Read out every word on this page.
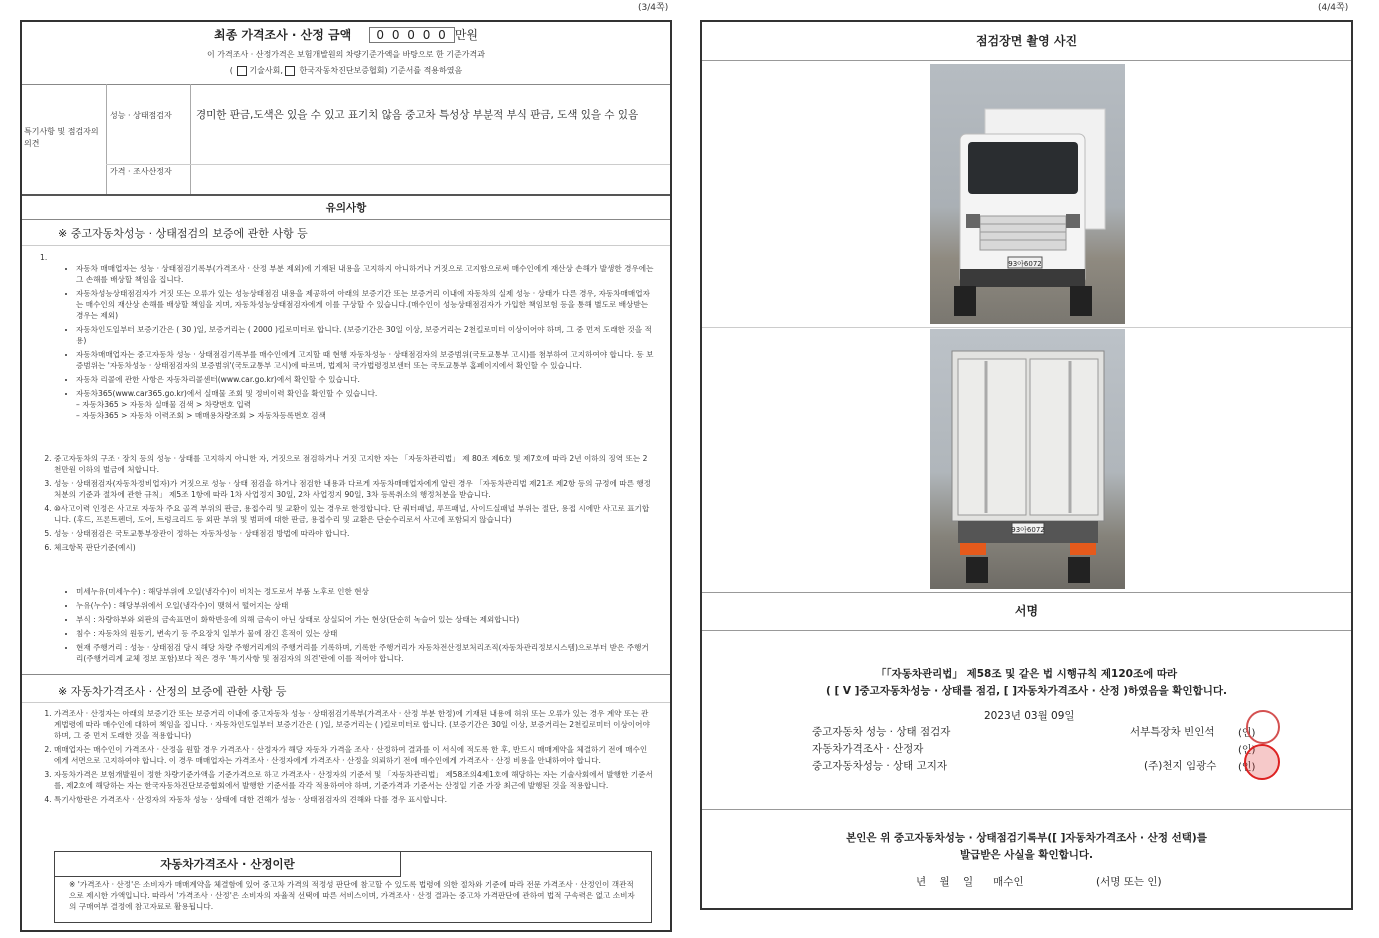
(3/4쪽)	(4/4쪽)
최종 가격조사 · 산정 금액 0 0 0 0 0 만원
이 가격조사 · 산정가격은 보험개발원의 차량기준가액을 바탕으로 한 기준가격과
( 기술사회, 한국자동차진단보증협회) 기준서를 적용하였음
특기사항 및 점검자의 의견
성능 · 상태점검자	경미한 판금,도색은 있을 수 있고 표기치 않음 중고차 특성상 부분적 부식 판금, 도색 있을 수 있음
가격 · 조사산정자
유의사항
※ 중고자동차성능 · 상태점검의 보증에 관한 사항 등
1.
• 자동차 매매업자는 성능 · 상태점검기록부(가격조사 · 산정 부분 제외)에 기재된 내용을 고지하지 아니하거나 거짓으로 고지함으로써 매수인에게 재산상 손해가 발생한 경우에는 그 손해를 배상할 책임을 집니다.
• 자동차성능상태점검자가 거짓 또는 오류가 있는 성능상태점검 내용을 제공하여 아래의 보증기간 또는 보증거리 이내에 자동차의 실제 성능 · 상태가 다른 경우, 자동차매매업자는 매수인의 재산상 손해를 배상할 책임을 지며, 자동차성능상태점검자에게 이를 구상할 수 있습니다.(매수인이 성능상태점검자가 가입한 책임보험 등을 통해 별도로 배상받는 경우는 제외)
• 자동차인도일부터 보증기간은 ( 30 )일, 보증거리는 ( 2000 )킬로미터로 합니다. (보증기간은 30일 이상, 보증거리는 2천킬로미터 이상이어야 하며, 그 중 먼저 도래한 것을 적용)
• 자동차매매업자는 중고자동차 성능 · 상태점검기록부를 매수인에게 고지할 때 현행 자동차성능 · 상태점검자의 보증범위(국토교통부 고시)를 첨부하여 고지하여야 합니다. 동 보증범위는 '자동차성능 · 상태점검자의 보증범위'(국토교통부 고시)에 따르며, 법제처 국가법령정보센터 또는 국토교통부 홈페이지에서 확인할 수 있습니다.
• 자동차 리콜에 관한 사항은 자동차리콜센터(www.car.go.kr)에서 확인할 수 있습니다.
• 자동차365(www.car365.go.kr)에서 실매물 조회 및 정비이력 확인을 확인할 수 있습니다.
– 자동차365 > 자동차 실매물 검색 > 차량번호 입력
– 자동차365 > 자동차 이력조회 > 매매용차량조회 > 자동차등록번호 검색
2. 중고자동차의 구조 · 장치 등의 성능 · 상태를 고지하지 아니한 자, 거짓으로 점검하거나 거짓 고지한 자는 「자동차관리법」 제 80조 제6호 및 제7호에 따라 2년 이하의 징역 또는 2천만원 이하의 벌금에 처합니다.
3. 성능 · 상태점검자(자동차정비업자)가 거짓으로 성능 · 상태 점검을 하거나 점검한 내용과 다르게 자동차매매업자에게 알린 경우 「자동차관리법 제21조 제2항 등의 규정에 따른 행정처분의 기준과 절차에 관한 규칙」 제5조 1항에 따라 1차 사업정지 30일, 2차 사업정지 90일, 3차 등록취소의 행정처분을 받습니다.
4. ⑩사고이력 인정은 사고로 자동차 주요 골격 부위의 판금, 용접수리 및 교환이 있는 경우로 한정합니다. 단 쿼터패널, 루프패널, 사이드실패널 부위는 절단, 용접 시에만 사고로 표기합니다. (후드, 프론트펜더, 도어, 트렁크리드 등 외판 부위 및 범퍼에 대한 판금, 용접수리 및 교환은 단순수리로서 사고에 포함되지 않습니다)
5. 성능 · 상태점검은 국토교통부장관이 정하는 자동차성능 · 상태점검 방법에 따라야 합니다.
6. 체크항목 판단기준(예시)
• 미세누유(미세누수) : 해당부위에 오일(냉각수)이 비치는 정도로서 부품 노후로 인한 현상
• 누유(누수) : 해당부위에서 오일(냉각수)이 맺혀서 떨어지는 상태
• 부식 : 차량하부와 외판의 금속표면이 화학반응에 의해 금속이 아닌 상태로 상실되어 가는 현상(단순히 녹슬어 있는 상태는 제외합니다)
• 침수 : 자동차의 원동기, 변속기 등 주요장치 일부가 물에 잠긴 흔적이 있는 상태
• 현재 주행거리 : 성능 · 상태점검 당시 해당 차량 주행거리계의 주행거리를 기록하며, 기록한 주행거리가 자동차전산정보처리조직(자동차관리정보시스템)으로부터 받은 주행거리(주행거리계 교체 정보 포함)보다 적은 경우 '특기사항 및 점검자의 의견'란에 이를 적어야 합니다.
※ 자동차가격조사 · 산정의 보증에 관한 사항 등
1. 가격조사 · 산정자는 아래의 보증기간 또는 보증거리 이내에 중고자동차 성능 · 상태점검기록부(가격조사 · 산정 부분 한정)에 기재된 내용에 허위 또는 오류가 있는 경우 계약 또는 관계법령에 따라 매수인에 대하여 책임을 집니다. · 자동차인도일부터 보증기간은 ( )일, 보증거리는 ( )킬로미터로 합니다. (보증기간은 30일 이상, 보증거리는 2천킬로미터 이상이어야 하며, 그 중 먼저 도래한 것을 적용합니다)
2. 매매업자는 매수인이 가격조사 · 산정을 원할 경우 가격조사 · 산정자가 해당 자동차 가격을 조사 · 산정하여 결과를 이 서식에 적도록 한 후, 반드시 매매계약을 체결하기 전에 매수인에게 서면으로 고지하여야 합니다. 이 경우 매매업자는 가격조사 · 산정자에게 가격조사 · 산정을 의뢰하기 전에 매수인에게 가격조사 · 산정 비용을 안내하여야 합니다.
3. 자동차가격은 보험개발원이 정한 차량기준가액을 기준가격으로 하고 가격조사 · 산정자의 기준서 및 「자동차관리법」 제58조의4제1호에 해당하는 자는 기술사회에서 발행한 기준서를, 제2호에 해당하는 자는 한국자동차진단보증협회에서 발행한 기준서를 각각 적용하여야 하며, 기준가격과 기준서는 산정일 기준 가장 최근에 발행된 것을 적용합니다.
4. 특기사항란은 가격조사 · 산정자의 자동차 성능 · 상태에 대한 견해가 성능 · 상태점검자의 견해와 다를 경우 표시합니다.
자동차가격조사 · 산정이란
※ '가격조사 · 산정'은 소비자가 매매계약을 체결함에 있어 중고차 가격의 적정성 판단에 참고할 수 있도록 법령에 의한 절차와 기준에 따라 전문 가격조사 · 산정인이 객관적으로 제시한 가액입니다. 따라서 '가격조사 · 산정'은 소비자의 자율적 선택에 따른 서비스이며, 가격조사 · 산정 결과는 중고차 가격판단에 관하여 법적 구속력은 없고 소비자의 구매여부 결정에 참고자료로 활용됩니다.
점검장면 촬영 사진
93아6072
93아6072
서명
「「자동차관리법」 제58조 및 같은 법 시행규칙 제120조에 따라
( [ V ]중고자동차성능 · 상태를 점검, [ ]자동차가격조사 · 산정 )하였음을 확인합니다.
2023년 03월 09일
중고자동차 성능 · 상태 점검자	서부특장차 빈인석 (인)
자동차가격조사 · 산정자	(인)
중고자동차성능 · 상태 고지자	(주)천지 임광수 (인)
본인은 위 중고자동차성능 · 상태점검기록부([ ]자동차가격조사 · 산정 선택)를
발급받은 사실을 확인합니다.
년    월    일      매수인	(서명 또는 인)
